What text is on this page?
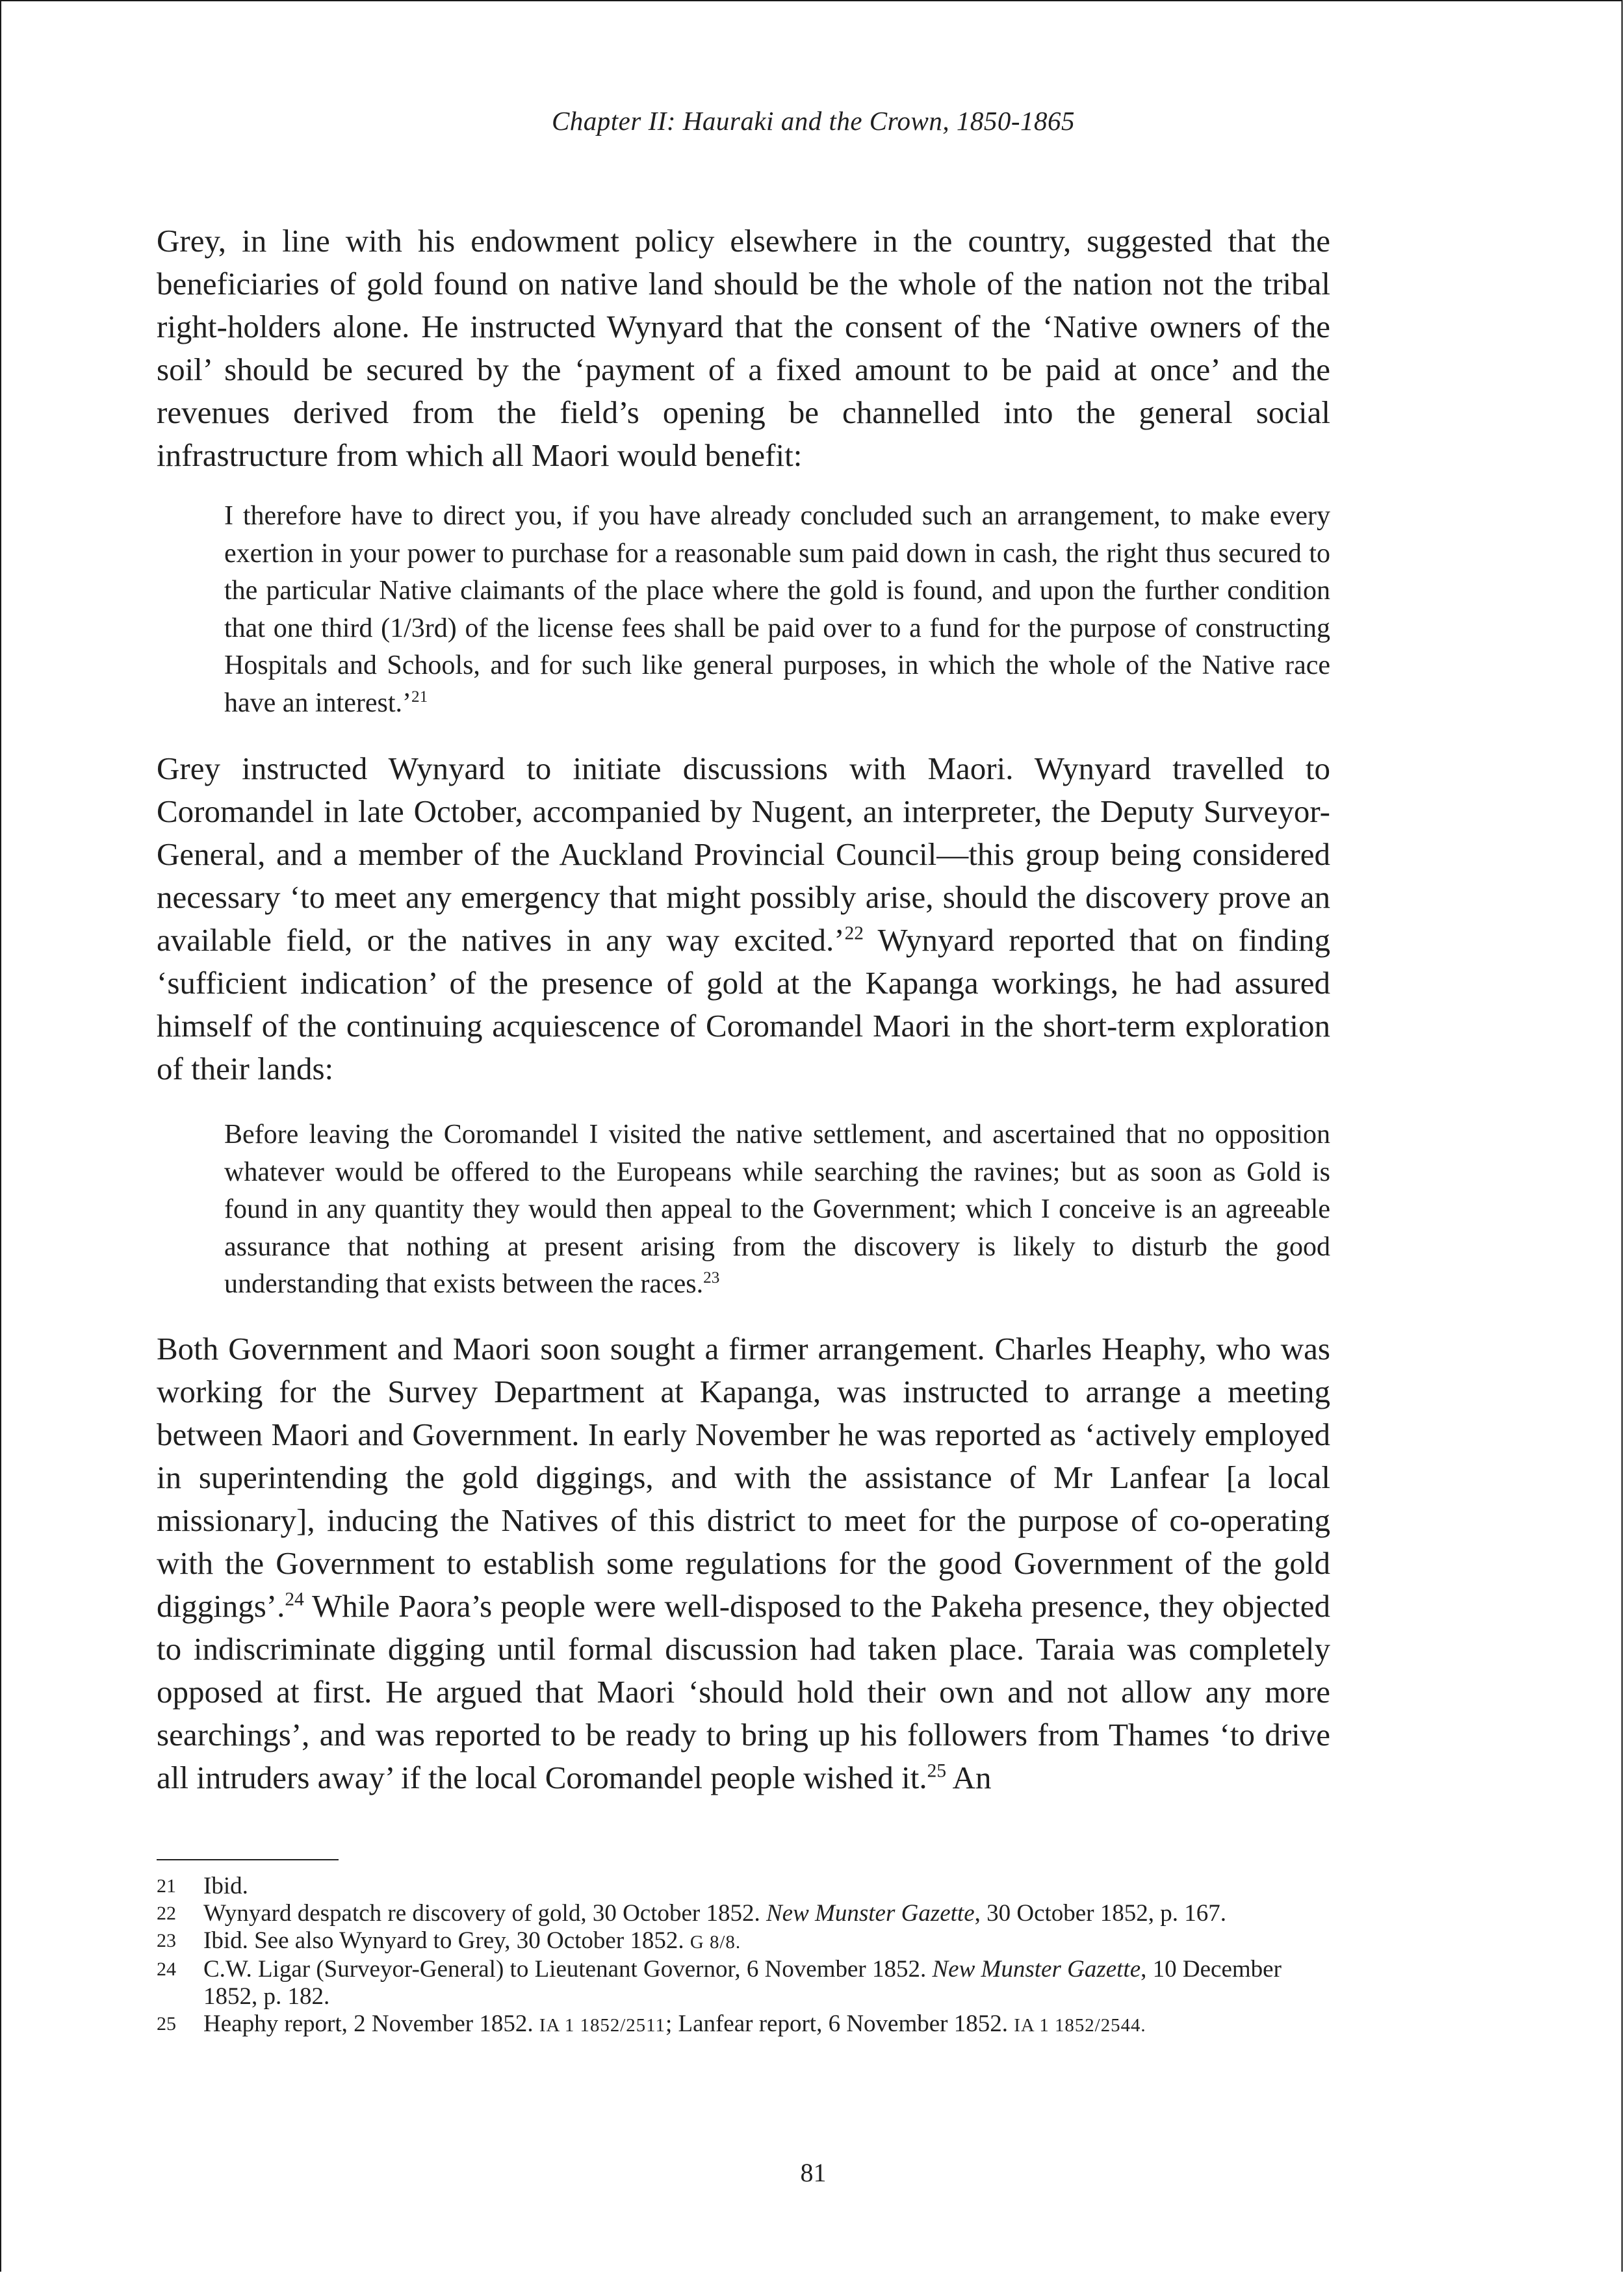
Chapter II: Hauraki and the Crown, 1850-1865

Grey, in line with his endowment policy elsewhere in the country, suggested that the beneficiaries of gold found on native land should be the whole of the nation not the tribal right-holders alone. He instructed Wynyard that the consent of the ‘Native owners of the soil’ should be secured by the ‘payment of a fixed amount to be paid at once’ and the revenues derived from the field’s opening be channelled into the general social infrastructure from which all Maori would benefit:

I therefore have to direct you, if you have already concluded such an arrangement, to make every exertion in your power to purchase for a reasonable sum paid down in cash, the right thus secured to the particular Native claimants of the place where the gold is found, and upon the further condition that one third (1/3rd) of the license fees shall be paid over to a fund for the purpose of constructing Hospitals and Schools, and for such like general purposes, in which the whole of the Native race have an interest.’$^{21}$

Grey instructed Wynyard to initiate discussions with Maori. Wynyard travelled to Coromandel in late October, accompanied by Nugent, an interpreter, the Deputy Surveyor-General, and a member of the Auckland Provincial Council—this group being considered necessary ‘to meet any emergency that might possibly arise, should the discovery prove an available field, or the natives in any way excited.’$^{22}$ Wynyard reported that on finding ‘sufficient indication’ of the presence of gold at the Kapanga workings, he had assured himself of the continuing acquiescence of Coromandel Maori in the short-term exploration of their lands:

Before leaving the Coromandel I visited the native settlement, and ascertained that no opposition whatever would be offered to the Europeans while searching the ravines; but as soon as Gold is found in any quantity they would then appeal to the Government; which I conceive is an agreeable assurance that nothing at present arising from the discovery is likely to disturb the good understanding that exists between the races.$^{23}$

Both Government and Maori soon sought a firmer arrangement. Charles Heaphy, who was working for the Survey Department at Kapanga, was instructed to arrange a meeting between Maori and Government. In early November he was reported as ‘actively employed in superintending the gold diggings, and with the assistance of Mr Lanfear [a local missionary], inducing the Natives of this district to meet for the purpose of co-operating with the Government to establish some regulations for the good Government of the gold diggings’.$^{24}$ While Paora’s people were well-disposed to the Pakeha presence, they objected to indiscriminate digging until formal discussion had taken place. Taraia was completely opposed at first. He argued that Maori ‘should hold their own and not allow any more searchings’, and was reported to be ready to bring up his followers from Thames ‘to drive all intruders away’ if the local Coromandel people wished it.$^{25}$ An

21	Ibid.
22	Wynyard despatch re discovery of gold, 30 October 1852. New Munster Gazette, 30 October 1852, p. 167.
23	Ibid. See also Wynyard to Grey, 30 October 1852. G 8/8.
24	C.W. Ligar (Surveyor-General) to Lieutenant Governor, 6 November 1852. New Munster Gazette, 10 December 1852, p. 182.
25	Heaphy report, 2 November 1852. IA 1 1852/2511; Lanfear report, 6 November 1852. IA 1 1852/2544.
81
